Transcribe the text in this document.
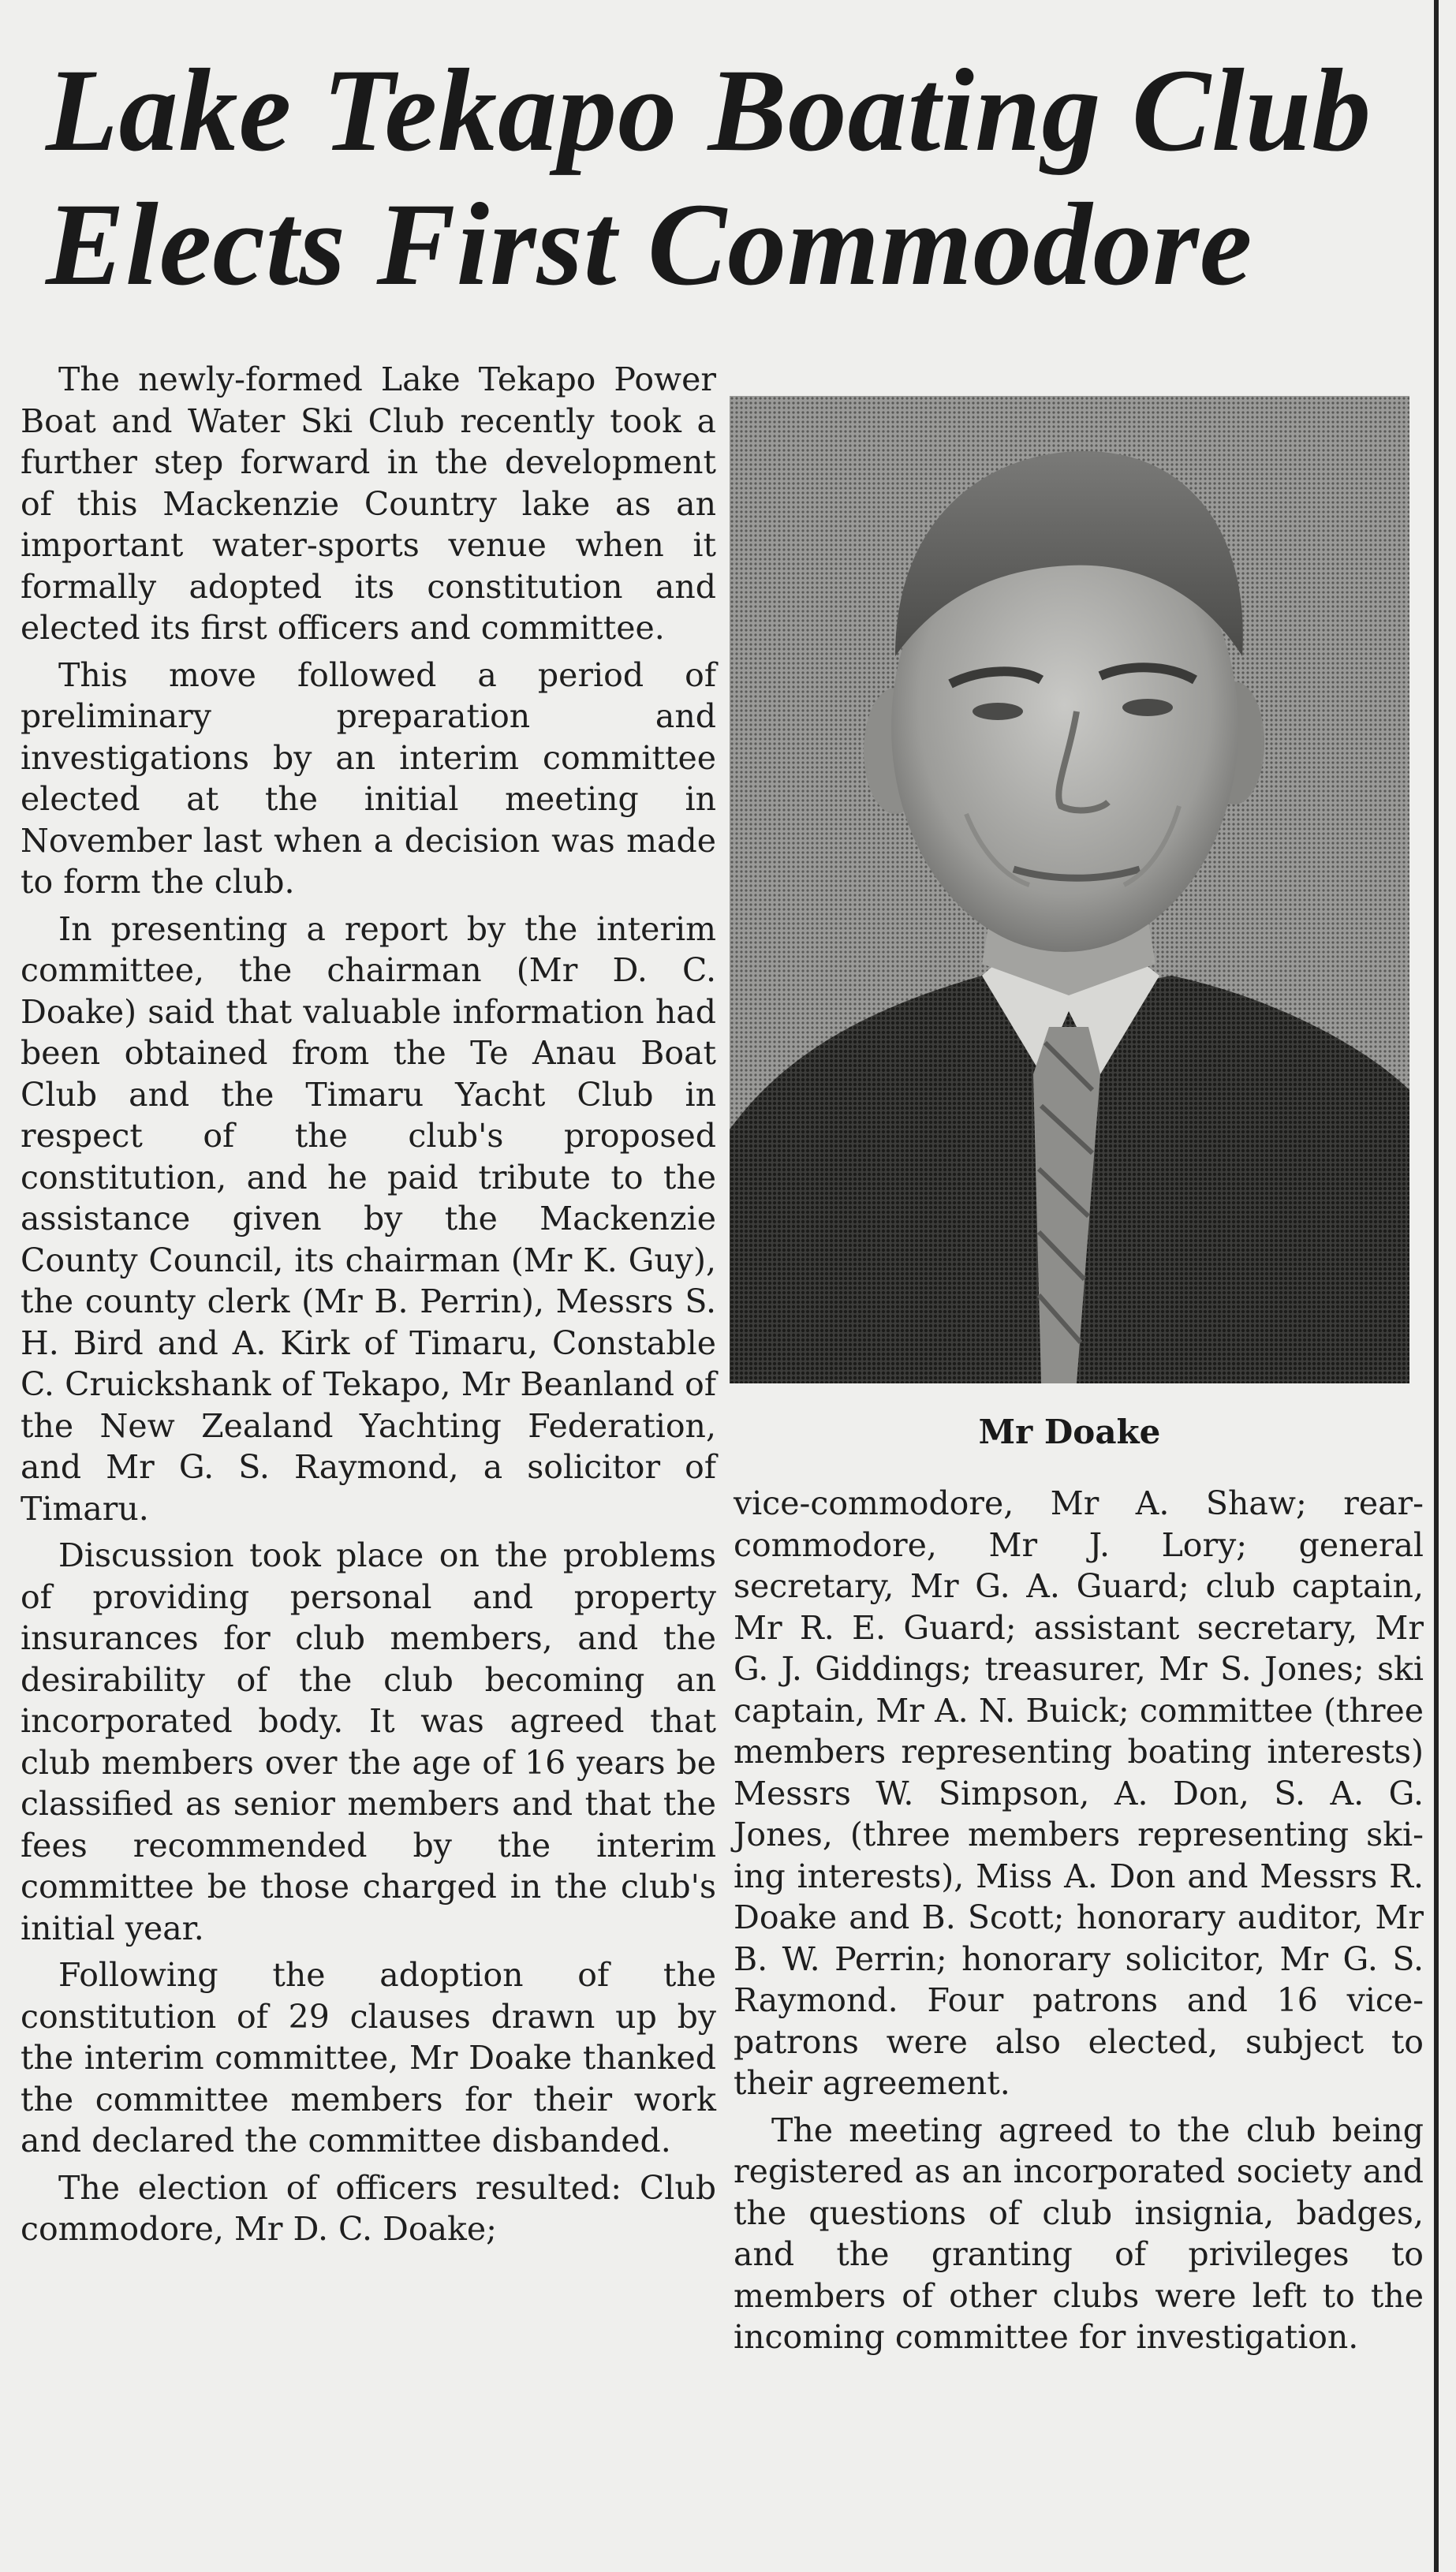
Lake Tekapo Boating Club
Elects First Commodore

The newly-formed Lake Tekapo Power Boat and Water Ski Club recently took a further step forward in the development of this Mackenzie Country lake as an important water-sports venue when it formally adopted its constitution and elected its first officers and committee.

This move followed a period of preliminary preparation and investigations by an interim committee elected at the initial meeting in November last when a decision was made to form the club.

In presenting a report by the interim committee, the chairman (Mr D. C. Doake) said that valuable information had been obtained from the Te Anau Boat Club and the Timaru Yacht Club in respect of the club's proposed constitution, and he paid tribute to the assistance given by the Mackenzie County Council, its chairman (Mr K. Guy), the county clerk (Mr B. Perrin), Messrs S. H. Bird and A. Kirk of Timaru, Constable C. Cruickshank of Tekapo, Mr Beanland of the New Zealand Yachting Federation, and Mr G. S. Raymond, a solicitor of Timaru.

Discussion took place on the problems of providing personal and property insurances for club members, and the desirability of the club becoming an incorporated body. It was agreed that club members over the age of 16 years be classified as senior members and that the fees recommended by the interim committee be those charged in the club's initial year.

Following the adoption of the constitution of 29 clauses drawn up by the interim committee, Mr Doake thanked the committee members for their work and declared the committee disbanded.

The election of officers resulted: Club commodore, Mr D. C. Doake;

Mr Doake

vice-commodore, Mr A. Shaw; rear-commodore, Mr J. Lory; general secretary, Mr G. A. Guard; club captain, Mr R. E. Guard; assistant secretary, Mr G. J. Giddings; treasurer, Mr S. Jones; ski captain, Mr A. N. Buick; committee (three members representing boating interests) Messrs W. Simpson, A. Don, S. A. G. Jones, (three members representing ski-ing interests), Miss A. Don and Messrs R. Doake and B. Scott; honorary auditor, Mr B. W. Perrin; honorary solicitor, Mr G. S. Raymond. Four patrons and 16 vice-patrons were also elected, subject to their agreement.

The meeting agreed to the club being registered as an incorporated society and the questions of club insignia, badges, and the granting of privileges to members of other clubs were left to the incoming committee for investigation.
